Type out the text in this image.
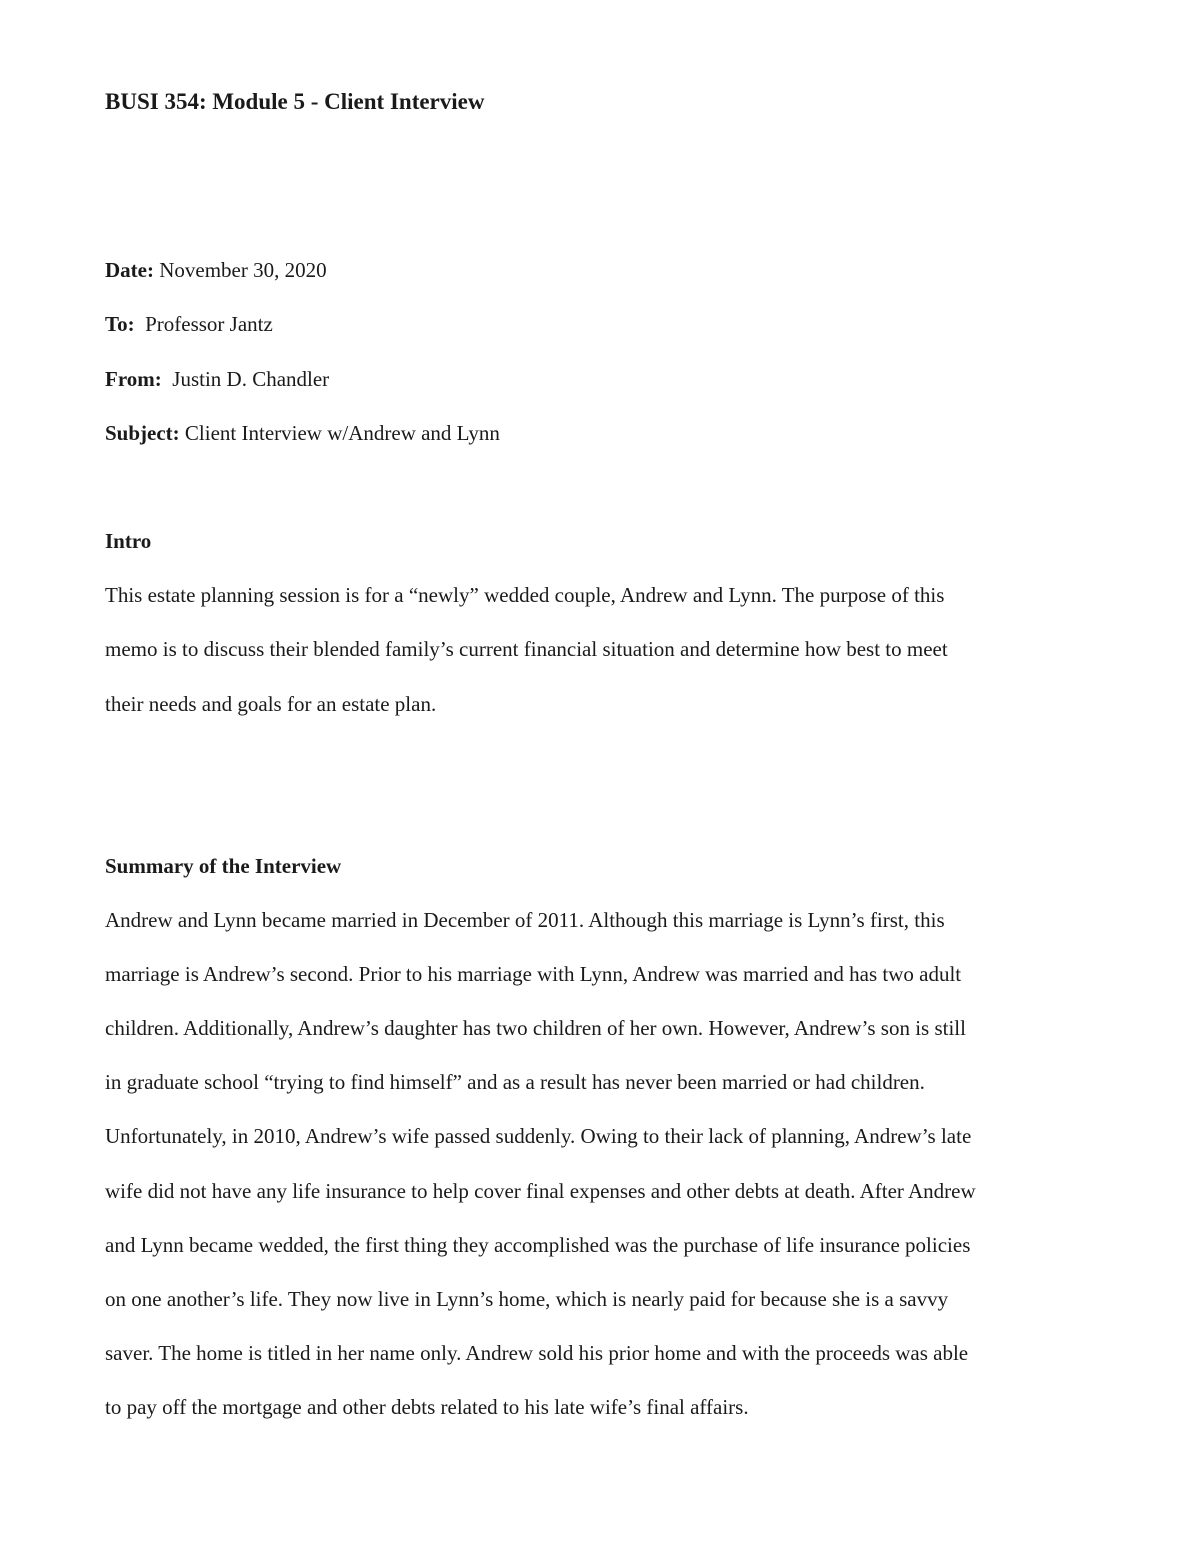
BUSI 354: Module 5 - Client Interview

Date: November 30, 2020

To: Professor Jantz

From: Justin D. Chandler

Subject: Client Interview w/Andrew and Lynn

Intro

This estate planning session is for a “newly” wedded couple, Andrew and Lynn. The purpose of this

memo is to discuss their blended family’s current financial situation and determine how best to meet

their needs and goals for an estate plan.

Summary of the Interview

Andrew and Lynn became married in December of 2011. Although this marriage is Lynn’s first, this

marriage is Andrew’s second. Prior to his marriage with Lynn, Andrew was married and has two adult

children. Additionally, Andrew’s daughter has two children of her own. However, Andrew’s son is still

in graduate school “trying to find himself” and as a result has never been married or had children.

Unfortunately, in 2010, Andrew’s wife passed suddenly. Owing to their lack of planning, Andrew’s late

wife did not have any life insurance to help cover final expenses and other debts at death. After Andrew

and Lynn became wedded, the first thing they accomplished was the purchase of life insurance policies

on one another’s life. They now live in Lynn’s home, which is nearly paid for because she is a savvy

saver. The home is titled in her name only. Andrew sold his prior home and with the proceeds was able

to pay off the mortgage and other debts related to his late wife’s final affairs.
